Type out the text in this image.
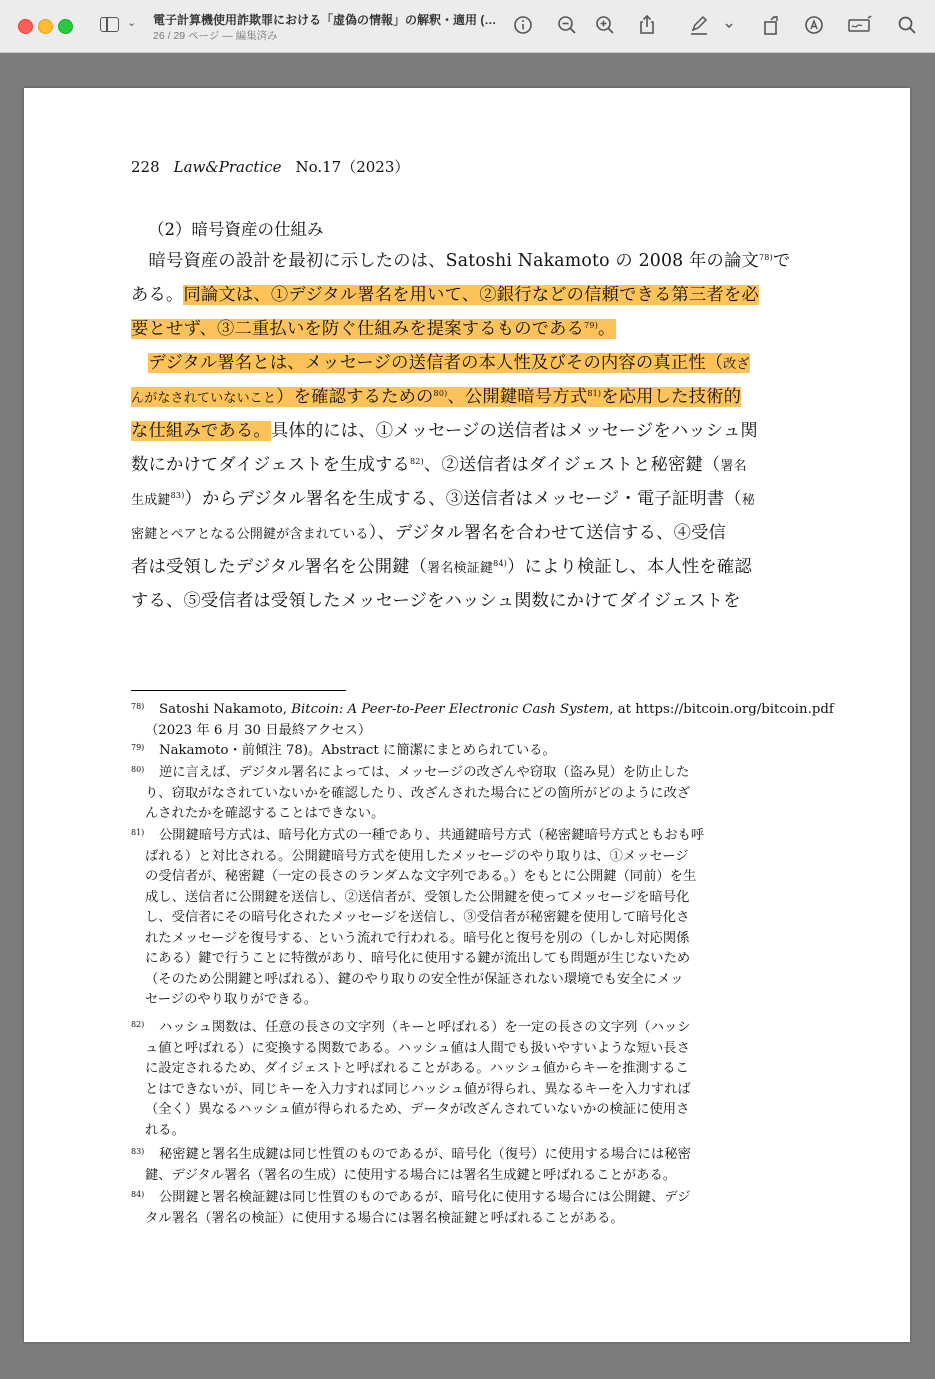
⌄ 電子計算機使用詐欺罪における「虚偽の情報」の解釈・適用 (…
26 / 29 ページ — 編集済み
228 Law&Practice No.17（2023）
（2）暗号資産の仕組み
　暗号資産の設計を最初に示したのは、Satoshi Nakamoto の 2008 年の論文$^{78)}$で
ある。同論文は、①デジタル署名を用いて、②銀行などの信頼できる第三者を必
要とせず、③二重払いを防ぐ仕組みを提案するものである$^{79)}$。
　デジタル署名とは、メッセージの送信者の本人性及びその内容の真正性（改ざ
んがなされていないこと）を確認するための$^{80)}$、公開鍵暗号方式$^{81)}$を応用した技術的
な仕組みである。具体的には、①メッセージの送信者はメッセージをハッシュ関
数にかけてダイジェストを生成する$^{82)}$、②送信者はダイジェストと秘密鍵（署名
生成鍵$^{83)}$）からデジタル署名を生成する、③送信者はメッセージ・電子証明書（秘
密鍵とペアとなる公開鍵が含まれている）、デジタル署名を合わせて送信する、④受信
者は受領したデジタル署名を公開鍵（署名検証鍵$^{84)}$）により検証し、本人性を確認
する、⑤受信者は受領したメッセージをハッシュ関数にかけてダイジェストを
78)	Satoshi Nakamoto, Bitcoin: A Peer-to-Peer Electronic Cash System, at https://bitcoin.org/bitcoin.pdf
（2023 年 6 月 30 日最終アクセス）
79)	Nakamoto・前傾注 78)。Abstract に簡潔にまとめられている。
80)	逆に言えば、デジタル署名によっては、メッセージの改ざんや窃取（盗み見）を防止した
り、窃取がなされていないかを確認したり、改ざんされた場合にどの箇所がどのように改ざ
んされたかを確認することはできない。
81)	公開鍵暗号方式は、暗号化方式の一種であり、共通鍵暗号方式（秘密鍵暗号方式ともおも呼
ばれる）と対比される。公開鍵暗号方式を使用したメッセージのやり取りは、①メッセージ
の受信者が、秘密鍵（一定の長さのランダムな文字列である。）をもとに公開鍵（同前）を生
成し、送信者に公開鍵を送信し、②送信者が、受領した公開鍵を使ってメッセージを暗号化
し、受信者にその暗号化されたメッセージを送信し、③受信者が秘密鍵を使用して暗号化さ
れたメッセージを復号する、という流れで行われる。暗号化と復号を別の（しかし対応関係
にある）鍵で行うことに特徴があり、暗号化に使用する鍵が流出しても問題が生じないため
（そのため公開鍵と呼ばれる）、鍵のやり取りの安全性が保証されない環境でも安全にメッ
セージのやり取りができる。
82)	ハッシュ関数は、任意の長さの文字列（キーと呼ばれる）を一定の長さの文字列（ハッシ
ュ値と呼ばれる）に変換する関数である。ハッシュ値は人間でも扱いやすいような短い長さ
に設定されるため、ダイジェストと呼ばれることがある。ハッシュ値からキーを推測するこ
とはできないが、同じキーを入力すれば同じハッシュ値が得られ、異なるキーを入力すれば
（全く）異なるハッシュ値が得られるため、データが改ざんされていないかの検証に使用さ
れる。
83)	秘密鍵と署名生成鍵は同じ性質のものであるが、暗号化（復号）に使用する場合には秘密
鍵、デジタル署名（署名の生成）に使用する場合には署名生成鍵と呼ばれることがある。
84)	公開鍵と署名検証鍵は同じ性質のものであるが、暗号化に使用する場合には公開鍵、デジ
タル署名（署名の検証）に使用する場合には署名検証鍵と呼ばれることがある。
